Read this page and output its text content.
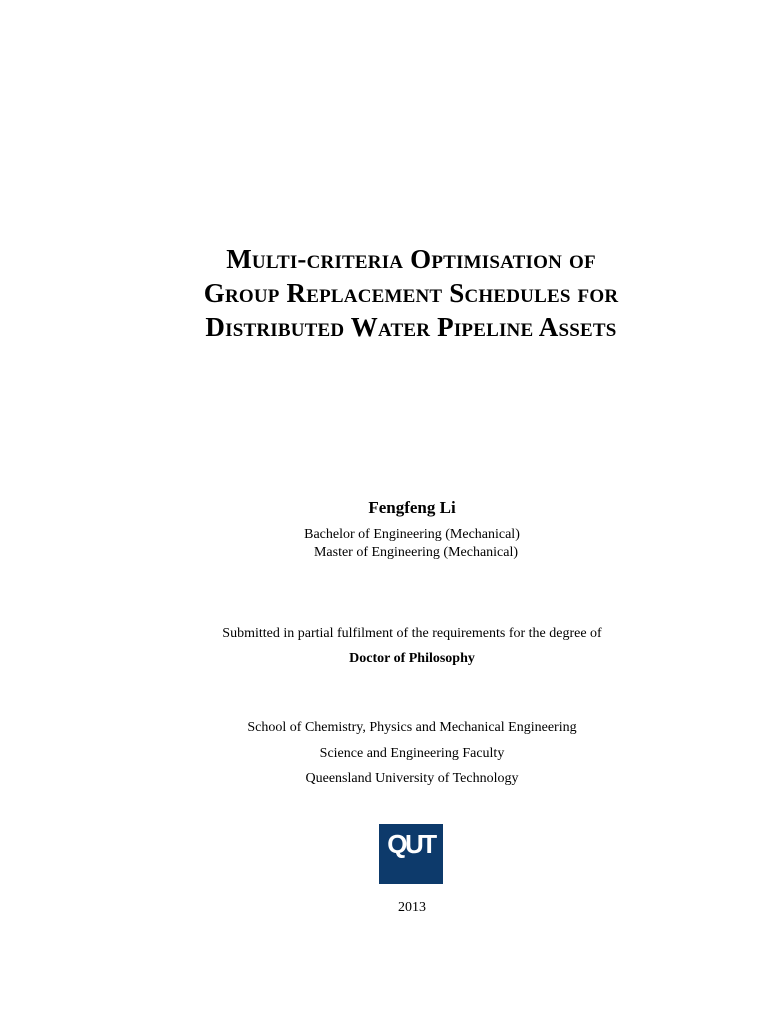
Multi-criteria Optimisation of
Group Replacement Schedules for
Distributed Water Pipeline Assets
Fengfeng Li
Bachelor of Engineering (Mechanical)
Master of Engineering (Mechanical)
Submitted in partial fulfilment of the requirements for the degree of
Doctor of Philosophy
School of Chemistry, Physics and Mechanical Engineering
Science and Engineering Faculty
Queensland University of Technology
QUT
2013
